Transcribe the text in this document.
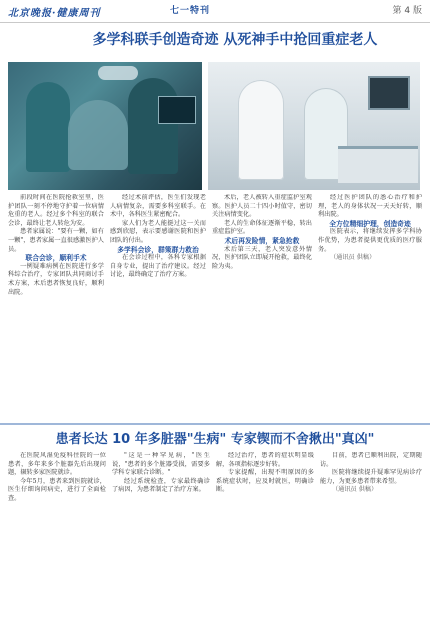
北京晚报·健康周刊	七一特刊	第 4 版
多学科联手创造奇迹 从死神手中抢回重症老人

前段时间在医院抢救室里，医护团队一刻不停地守护着一位病情危重的老人。经过多个科室的联合会诊，最终让老人转危为安。

患者家属说："要有一颗，如有一颗"，患者家属一直很感激医护人员。

联合会诊，顺利手术

一例疑难病例在医院进行多学科综合治疗，专家团队共同商讨手术方案，术后患者恢复良好，顺利出院。

经过术前评估，医生们发现老人病情复杂，需要多科室联手。在术中，各科医生紧密配合。

家人们为老人能挺过这一关而感到欣慰，表示要感谢医院和医护团队的付出。

多学科会诊，群策群力救治

在会诊过程中，各科专家根据自身专业，提出了治疗建议。经过讨论，最终确定了治疗方案。

术后，老人被转入重症监护室观察。医护人员二十四小时值守，密切关注病情变化。

老人的生命体征逐渐平稳，转出重症监护室。

术后再发险情，紧急抢救

术后第三天，老人突发意外情况，医护团队立即展开抢救，最终化险为夷。

经过医护团队的悉心治疗和护理，老人的身体状况一天天好转，顺利出院。

全方位精细护理，创造奇迹

医院表示，将继续发挥多学科协作优势，为患者提供更优质的医疗服务。

（通讯员 供稿）

患者长达 10 年多脏器"生病" 专家锲而不舍揪出"真凶"

在医院风湿免疫科住院的一位患者，多年来多个脏器先后出现问题，辗转多家医院就诊。

今年5月，患者来到医院就诊，医生仔细询问病史，进行了全面检查。

"这是一种罕见病，"医生说，"患者的多个脏器受损，需要多学科专家联合诊断。"

经过系统检查，专家最终确诊了病因，为患者制定了治疗方案。

经过治疗，患者的症状明显缓解，各项指标逐步好转。

专家提醒，出现不明原因的多系统症状时，应及时就医，明确诊断。

目前，患者已顺利出院，定期随访。

医院将继续提升疑难罕见病诊疗能力，为更多患者带来希望。

（通讯员 供稿）
